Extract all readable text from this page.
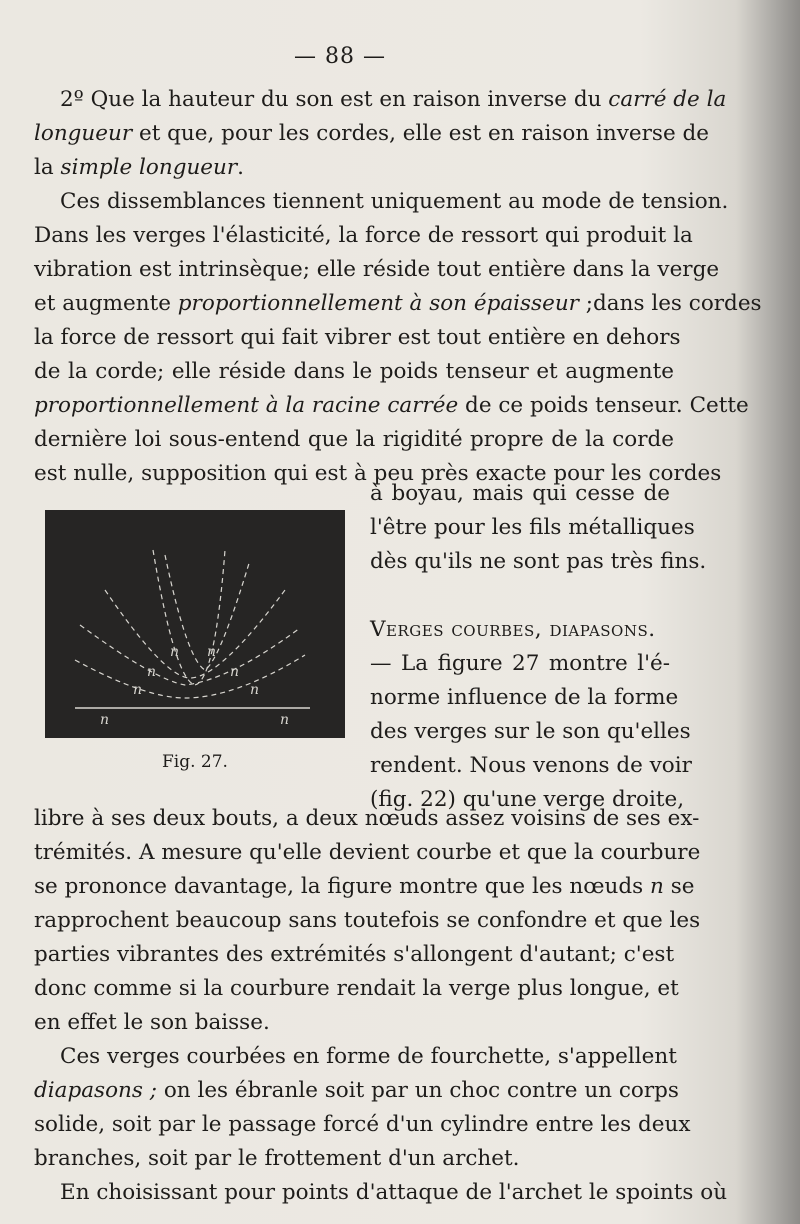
— 88 —
2º Que la hauteur du son est en raison inverse du carré de la
longueur et que, pour les cordes, elle est en raison inverse de
la simple longueur.
Ces dissemblances tiennent uniquement au mode de tension.
Dans les verges l'élasticité, la force de ressort qui produit la
vibration est intrinsèque; elle réside tout entière dans la verge
et augmente proportionnellement à son épaisseur ;dans les cordes
la force de ressort qui fait vibrer est tout entière en dehors
de la corde; elle réside dans le poids tenseur et augmente
proportionnellement à la racine carrée de ce poids tenseur. Cette
dernière loi sous-entend que la rigidité propre de la corde
est nulle, supposition qui est à peu près exacte pour les cordes
à boyau, mais qui cesse de
l'être pour les fils métalliques
dès qu'ils ne sont pas très fins.
Verges courbes, diapasons.
— La figure 27 montre l'é-
norme influence de la forme
des verges sur le son qu'elles
rendent. Nous venons de voir
(fig. 22) qu'une verge droite,
n n
n	n
n	n
n	n
Fig. 27.
libre à ses deux bouts, a deux nœuds assez voisins de ses ex-
trémités. A mesure qu'elle devient courbe et que la courbure
se prononce davantage, la figure montre que les nœuds n se
rapprochent beaucoup sans toutefois se confondre et que les
parties vibrantes des extrémités s'allongent d'autant; c'est
donc comme si la courbure rendait la verge plus longue, et
en effet le son baisse.
Ces verges courbées en forme de fourchette, s'appellent
diapasons ; on les ébranle soit par un choc contre un corps
solide, soit par le passage forcé d'un cylindre entre les deux
branches, soit par le frottement d'un archet.
En choisissant pour points d'attaque de l'archet le spoints où
